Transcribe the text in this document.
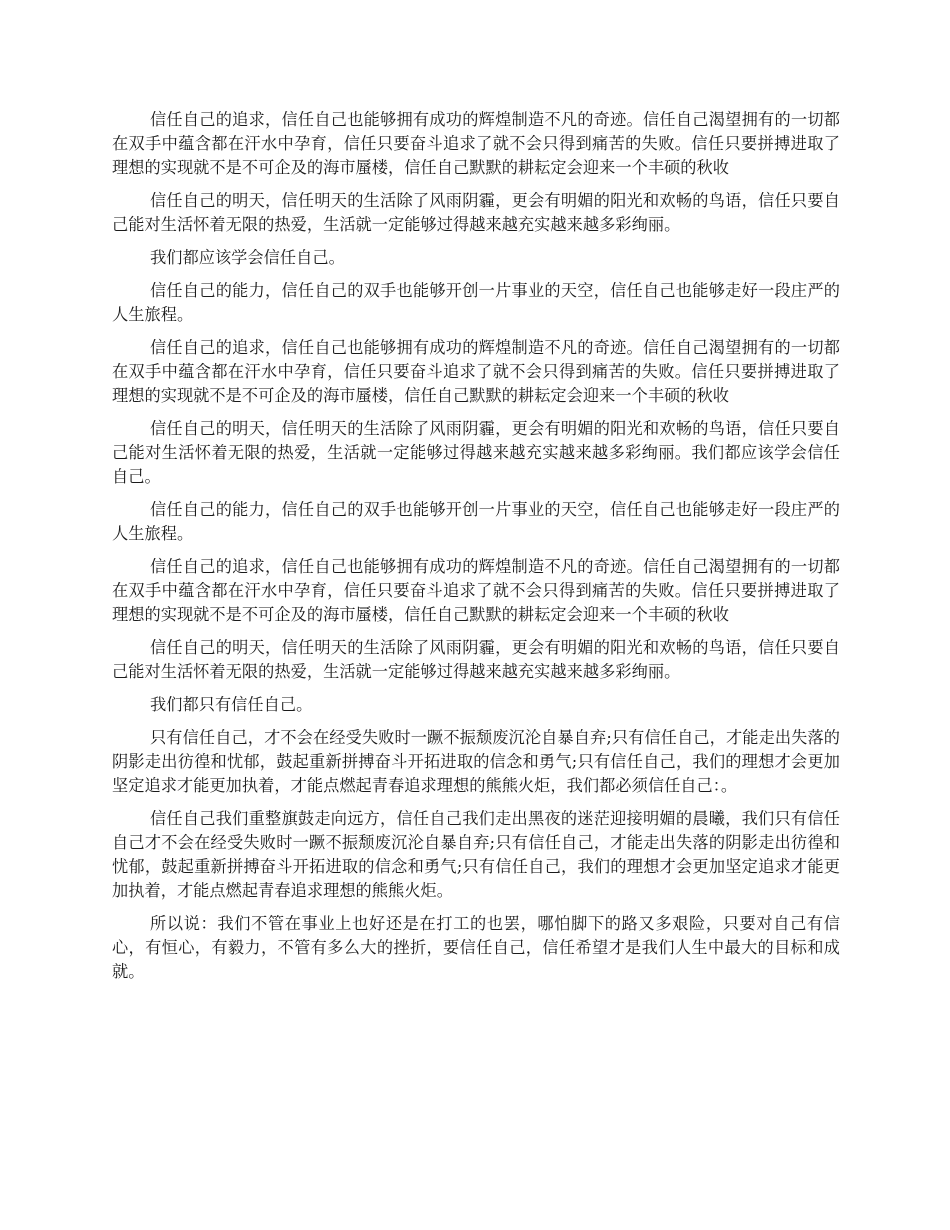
信任自己的追求，信任自己也能够拥有成功的辉煌制造不凡的奇迹。信任自己渴望拥有的一切都在双手中蕴含都在汗水中孕育，信任只要奋斗追求了就不会只得到痛苦的失败。信任只要拼搏进取了理想的实现就不是不可企及的海市蜃楼，信任自己默默的耕耘定会迎来一个丰硕的秋收

信任自己的明天，信任明天的生活除了风雨阴霾，更会有明媚的阳光和欢畅的鸟语，信任只要自己能对生活怀着无限的热爱，生活就一定能够过得越来越充实越来越多彩绚丽。

我们都应该学会信任自己。

信任自己的能力，信任自己的双手也能够开创一片事业的天空，信任自己也能够走好一段庄严的人生旅程。

信任自己的追求，信任自己也能够拥有成功的辉煌制造不凡的奇迹。信任自己渴望拥有的一切都在双手中蕴含都在汗水中孕育，信任只要奋斗追求了就不会只得到痛苦的失败。信任只要拼搏进取了理想的实现就不是不可企及的海市蜃楼，信任自己默默的耕耘定会迎来一个丰硕的秋收

信任自己的明天，信任明天的生活除了风雨阴霾，更会有明媚的阳光和欢畅的鸟语，信任只要自己能对生活怀着无限的热爱，生活就一定能够过得越来越充实越来越多彩绚丽。我们都应该学会信任自己。

信任自己的能力，信任自己的双手也能够开创一片事业的天空，信任自己也能够走好一段庄严的人生旅程。

信任自己的追求，信任自己也能够拥有成功的辉煌制造不凡的奇迹。信任自己渴望拥有的一切都在双手中蕴含都在汗水中孕育，信任只要奋斗追求了就不会只得到痛苦的失败。信任只要拼搏进取了理想的实现就不是不可企及的海市蜃楼，信任自己默默的耕耘定会迎来一个丰硕的秋收

信任自己的明天，信任明天的生活除了风雨阴霾，更会有明媚的阳光和欢畅的鸟语，信任只要自己能对生活怀着无限的热爱，生活就一定能够过得越来越充实越来越多彩绚丽。

我们都只有信任自己。

只有信任自己，才不会在经受失败时一蹶不振颓废沉沦自暴自弃;只有信任自己，才能走出失落的阴影走出彷徨和忧郁，鼓起重新拼搏奋斗开拓进取的信念和勇气;只有信任自己，我们的理想才会更加坚定追求才能更加执着，才能点燃起青春追求理想的熊熊火炬，我们都必须信任自己：。

信任自己我们重整旗鼓走向远方，信任自己我们走出黑夜的迷茫迎接明媚的晨曦，我们只有信任自己才不会在经受失败时一蹶不振颓废沉沦自暴自弃;只有信任自己，才能走出失落的阴影走出彷徨和忧郁，鼓起重新拼搏奋斗开拓进取的信念和勇气;只有信任自己，我们的理想才会更加坚定追求才能更加执着，才能点燃起青春追求理想的熊熊火炬。

所以说：我们不管在事业上也好还是在打工的也罢，哪怕脚下的路又多艰险，只要对自己有信心，有恒心，有毅力，不管有多么大的挫折，要信任自己，信任希望才是我们人生中最大的目标和成就。
